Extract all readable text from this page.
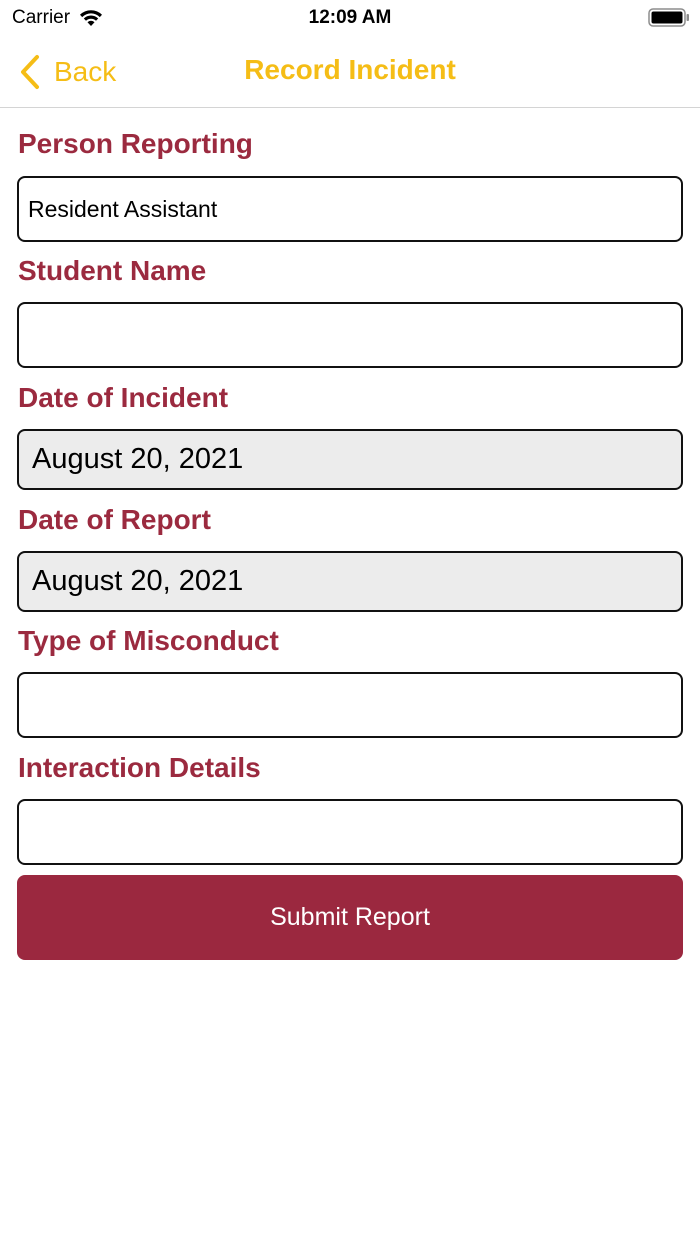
Carrier	12:09 AM
Back	Record Incident
Person Reporting
Resident Assistant
Student Name
Date of Incident
August 20, 2021
Date of Report
August 20, 2021
Type of Misconduct
Interaction Details
Submit Report
